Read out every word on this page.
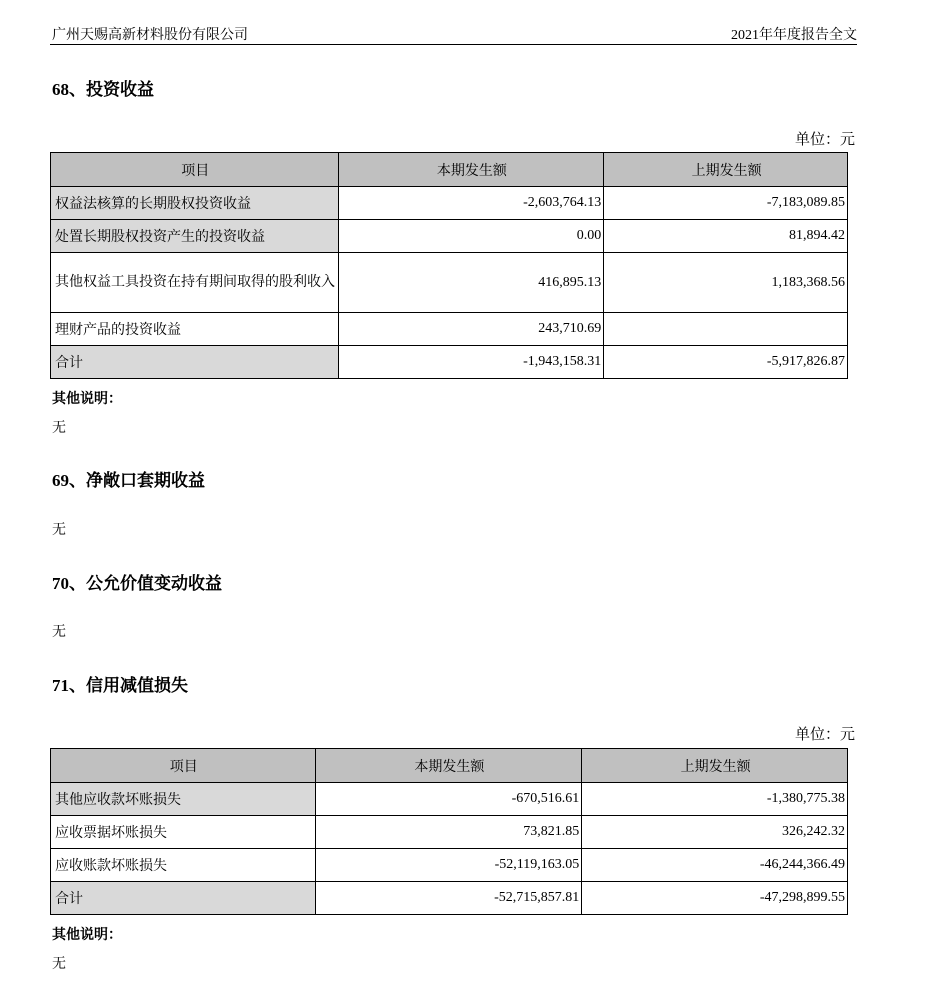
广州天赐高新材料股份有限公司	2021年年度报告全文
68、投资收益
单位：元
项目	本期发生额	上期发生额
权益法核算的长期股权投资收益	-2,603,764.13	-7,183,089.85
处置长期股权投资产生的投资收益	0.00	81,894.42
其他权益工具投资在持有期间取得的股利收入	416,895.13	1,183,368.56
理财产品的投资收益	243,710.69	
合计	-1,943,158.31	-5,917,826.87
其他说明：
无
69、净敞口套期收益
无
70、公允价值变动收益
无
71、信用减值损失
单位：元
项目	本期发生额	上期发生额
其他应收款坏账损失	-670,516.61	-1,380,775.38
应收票据坏账损失	73,821.85	326,242.32
应收账款坏账损失	-52,119,163.05	-46,244,366.49
合计	-52,715,857.81	-47,298,899.55
其他说明：
无
